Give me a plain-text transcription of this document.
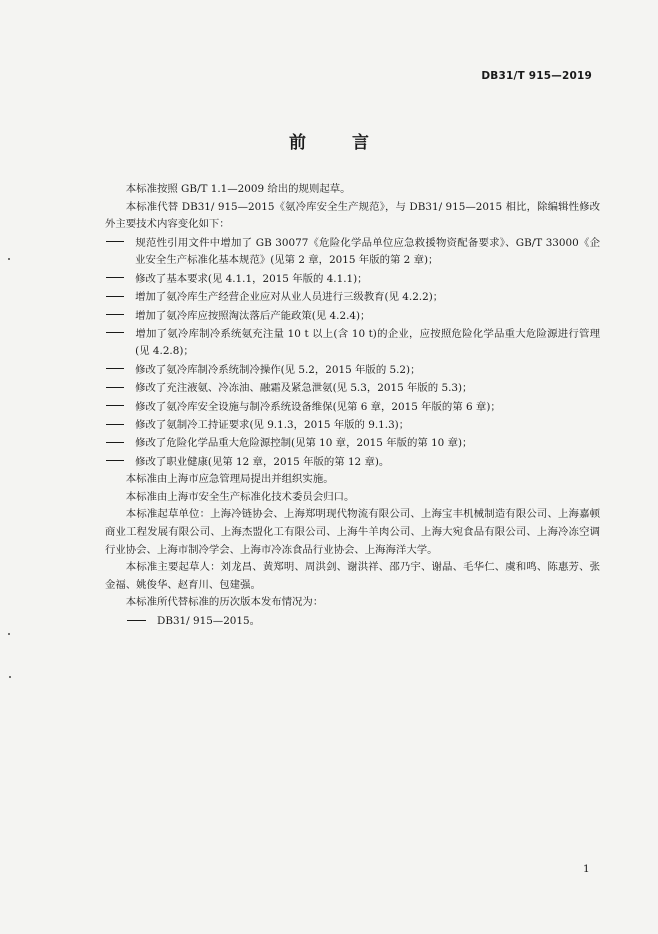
DB31/T 915—2019
前 言

本标准按照 GB/T 1.1—2009 给出的规则起草。

本标准代替 DB31/ 915—2015《氨冷库安全生产规范》，与 DB31/ 915—2015 相比，除编辑性修改外主要技术内容变化如下：

规范性引用文件中增加了 GB 30077《危险化学品单位应急救援物资配备要求》、GB/T 33000《企业安全生产标准化基本规范》(见第 2 章，2015 年版的第 2 章)；

修改了基本要求(见 4.1.1，2015 年版的 4.1.1)；

增加了氨冷库生产经营企业应对从业人员进行三级教育(见 4.2.2)；

增加了氨冷库应按照淘汰落后产能政策(见 4.2.4)；

增加了氨冷库制冷系统氨充注量 10 t 以上(含 10 t)的企业，应按照危险化学品重大危险源进行管理(见 4.2.8)；

修改了氨冷库制冷系统制冷操作(见 5.2，2015 年版的 5.2)；

修改了充注液氨、冷冻油、融霜及紧急泄氨(见 5.3，2015 年版的 5.3)；

修改了氨冷库安全设施与制冷系统设备维保(见第 6 章，2015 年版的第 6 章)；

修改了氨制冷工持证要求(见 9.1.3，2015 年版的 9.1.3)；

修改了危险化学品重大危险源控制(见第 10 章，2015 年版的第 10 章)；

修改了职业健康(见第 12 章，2015 年版的第 12 章)。

本标准由上海市应急管理局提出并组织实施。

本标准由上海市安全生产标准化技术委员会归口。

本标准起草单位：上海冷链协会、上海郑明现代物流有限公司、上海宝丰机械制造有限公司、上海嘉顿商业工程发展有限公司、上海杰盟化工有限公司、上海牛羊肉公司、上海大宛食品有限公司、上海冷冻空调行业协会、上海市制冷学会、上海市冷冻食品行业协会、上海海洋大学。

本标准主要起草人：刘龙昌、黄郑明、周洪剑、谢洪祥、邵乃宇、谢晶、毛华仁、虞和鸣、陈惠芳、张金福、姚俊华、赵育川、包建强。

本标准所代替标准的历次版本发布情况为：

DB31/ 915—2015。

1
